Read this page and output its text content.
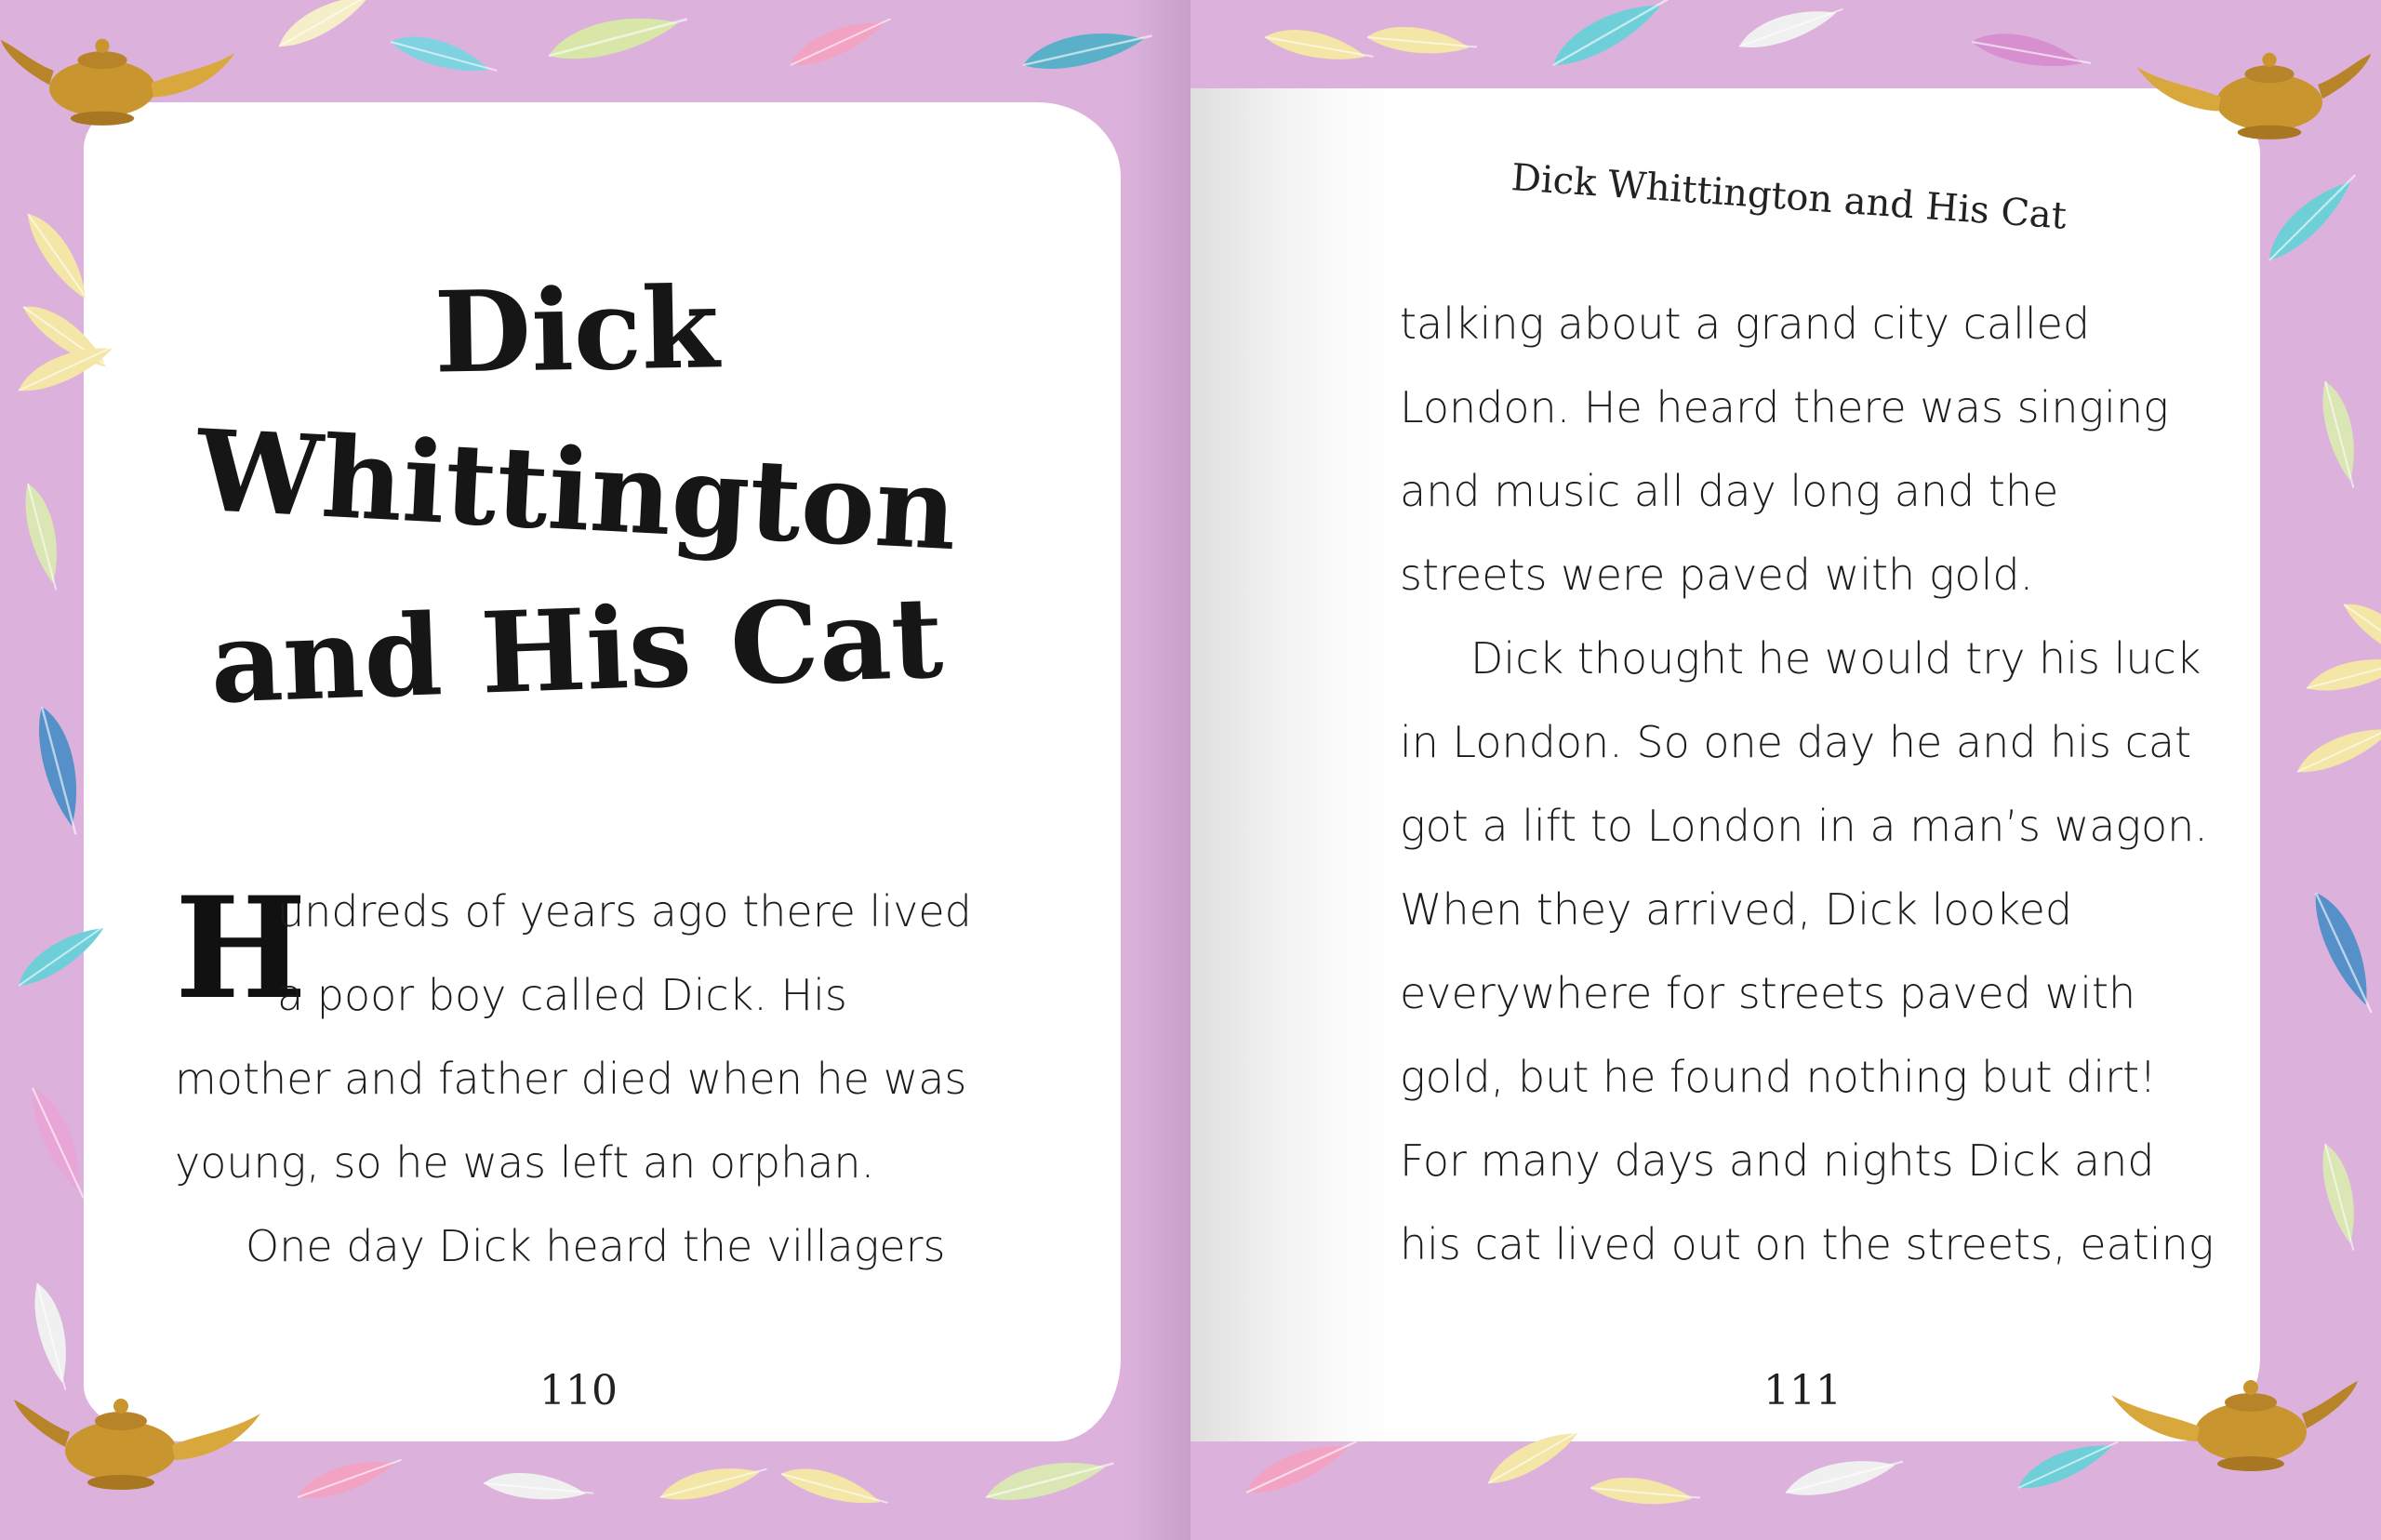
Dick
Whittington
and His Cat
H

undreds of years ago there lived

a poor boy called Dick. His

mother and father died when he was

young, so he was left an orphan.

One day Dick heard the villagers

Dick Whittington and His Cat

talking about a grand city called

London. He heard there was singing

and music all day long and the

streets were paved with gold.

Dick thought he would try his luck

in London. So one day he and his cat

got a lift to London in a man’s wagon.

When they arrived, Dick looked

everywhere for streets paved with

gold, but he found nothing but dirt!

For many days and nights Dick and

his cat lived out on the streets, eating

110	111
